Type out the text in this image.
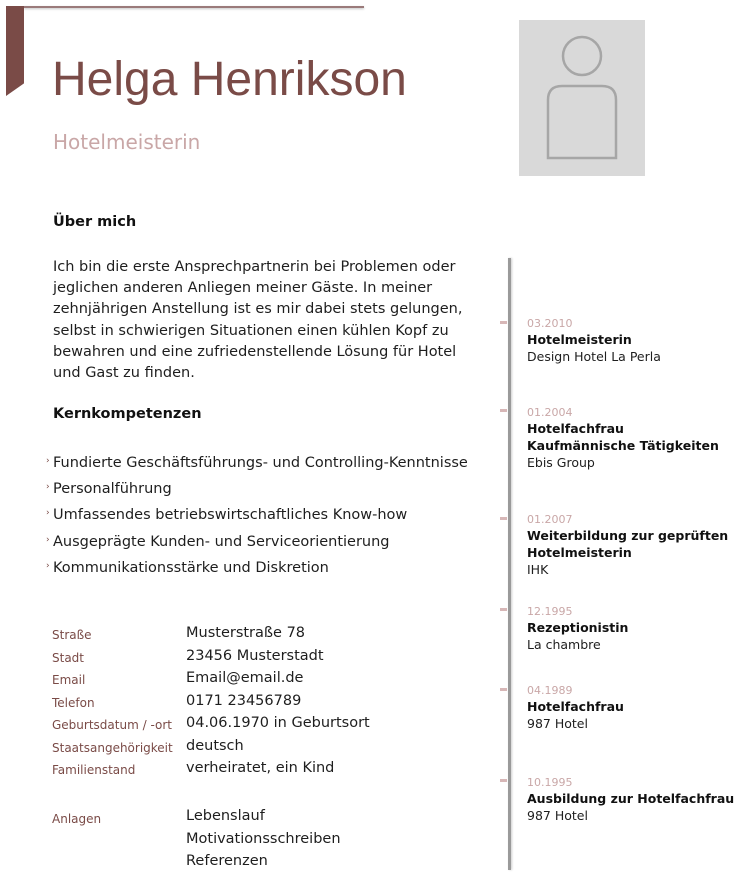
Helga Henrikson
Hotelmeisterin
Über mich
Ich bin die erste Ansprechpartnerin bei Problemen oder jeglichen anderen Anliegen meiner Gäste. In meiner zehnjährigen Anstellung ist es mir dabei stets gelungen, selbst in schwierigen Situationen einen kühlen Kopf zu bewahren und eine zufriedenstellende Lösung für Hotel und Gast zu finden.
Kernkompetenzen
› Fundierte Geschäftsführungs- und Controlling-Kenntnisse
› Personalführung
› Umfassendes betriebswirtschaftliches Know-how
› Ausgeprägte Kunden- und Serviceorientierung
› Kommunikationsstärke und Diskretion
Straße	Musterstraße 78
Stadt	23456 Musterstadt
Email	Email@email.de
Telefon	0171 23456789
Geburtsdatum / -ort 04.06.1970 in Geburtsort
Staatsangehörigkeit deutsch
Familienstand	verheiratet, ein Kind
Anlagen	Lebenslauf
Motivationsschreiben
Referenzen
03.2010
Hotelmeisterin
Design Hotel La Perla
01.2004
Hotelfachfrau
Kaufmännische Tätigkeiten
Ebis Group
01.2007
Weiterbildung zur geprüften
Hotelmeisterin
IHK
12.1995
Rezeptionistin
La chambre
04.1989
Hotelfachfrau
987 Hotel
10.1995
Ausbildung zur Hotelfachfrau
987 Hotel
